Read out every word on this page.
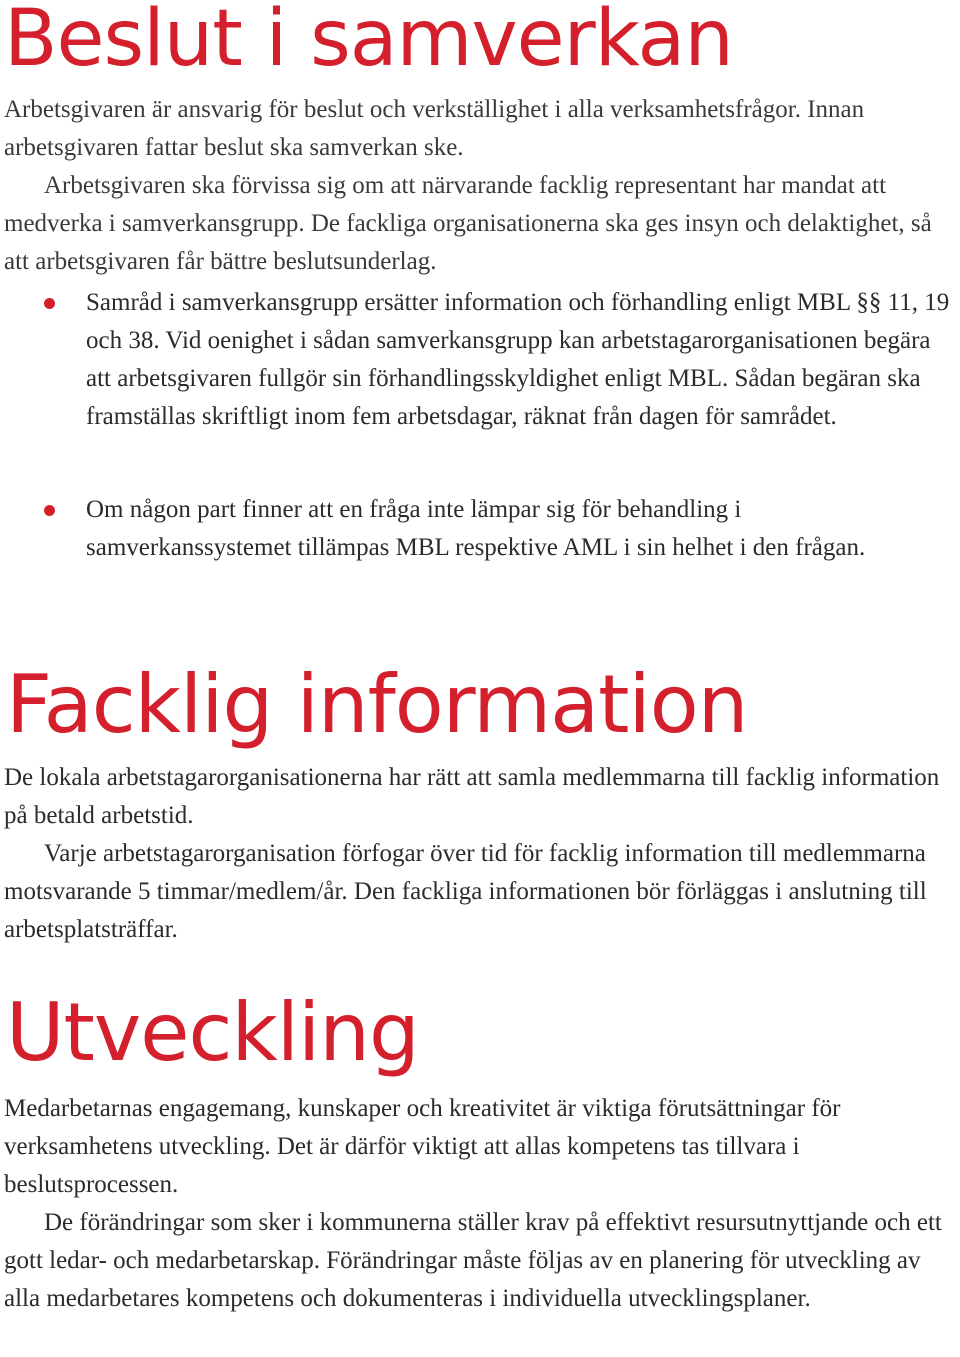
Beslut i samverkan

Arbetsgivaren är ansvarig för beslut och verkställighet i alla verksamhetsfrågor. Innan arbetsgivaren fattar beslut ska samverkan ske.

Arbetsgivaren ska förvissa sig om att närvarande facklig representant har mandat att medverka i samverkansgrupp. De fackliga organisationerna ska ges insyn och delaktighet, så att arbetsgivaren får bättre beslutsunderlag.

Samråd i samverkansgrupp ersätter information och förhandling enligt MBL §§ 11, 19 och 38. Vid oenighet i sådan samverkansgrupp kan arbetstagarorganisationen begära att arbetsgivaren fullgör sin förhandlingsskyldighet enligt MBL. Sådan begäran ska framställas skriftligt inom fem arbetsdagar, räknat från dagen för samrådet.
Om någon part finner att en fråga inte lämpar sig för behandling i samverkanssystemet tillämpas MBL respektive AML i sin helhet i den frågan.
Facklig information

De lokala arbetstagarorganisationerna har rätt att samla medlemmarna till facklig information på betald arbetstid.

Varje arbetstagarorganisation förfogar över tid för facklig information till medlemmarna motsvarande 5 timmar/medlem/år. Den fackliga informationen bör förläggas i anslutning till arbetsplatsträffar.

Utveckling

Medarbetarnas engagemang, kunskaper och kreativitet är viktiga förutsättningar för verksamhetens utveckling. Det är därför viktigt att allas kompetens tas tillvara i beslutsprocessen.

De förändringar som sker i kommunerna ställer krav på effektivt resursutnyttjande och ett gott ledar- och medarbetarskap. Förändringar måste följas av en planering för utveckling av alla medarbetares kompetens och dokumenteras i individuella utvecklingsplaner.
